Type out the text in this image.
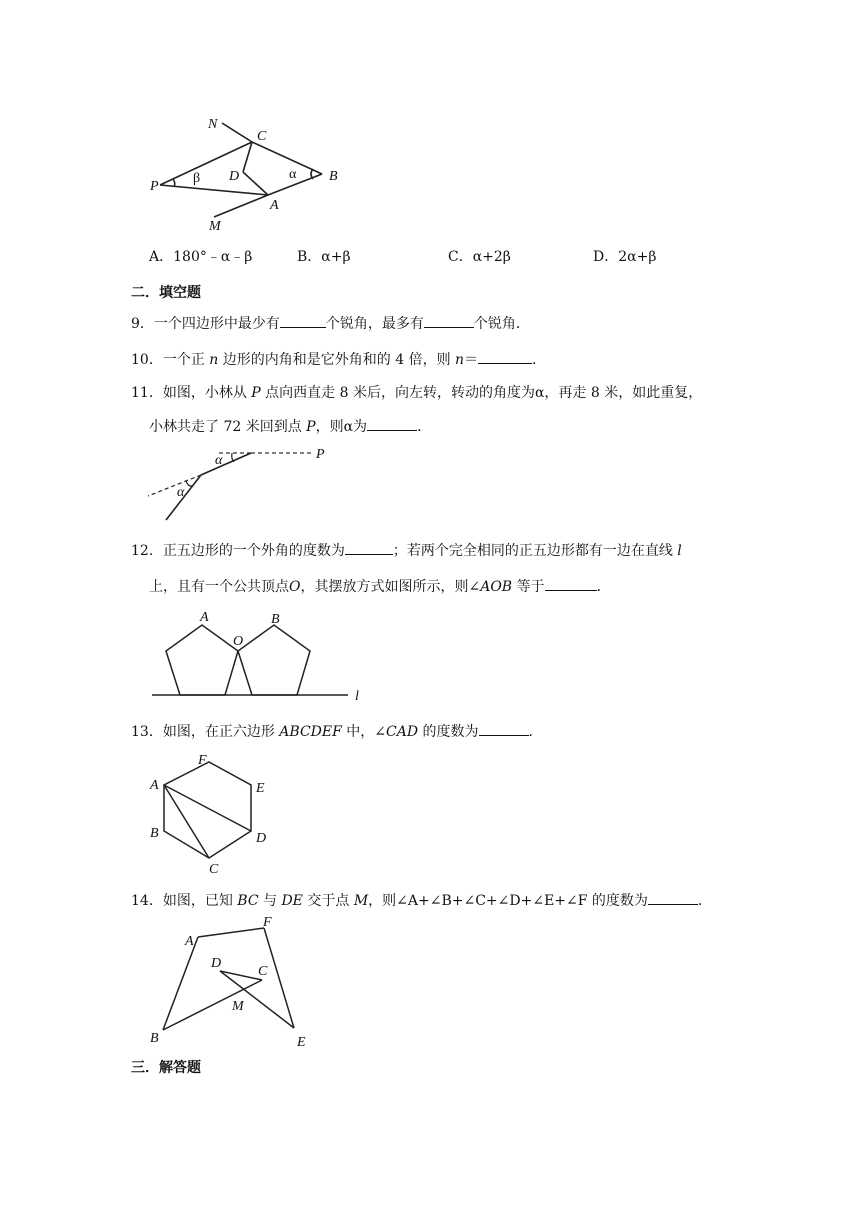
N
C
P
β D	α B
A
M
A．180°﹣α﹣β	B．α+β	C．α+2β	D．2α+β
二．填空题
9．一个四边形中最少有	个锐角，最多有	个锐角．
10．一个正 n 边形的内角和是它外角和的 4 倍，则 n＝	．
11．如图，小林从 P 点向西直走 8 米后，向左转，转动的角度为α，再走 8 米，如此重复，
小林共走了 72 米回到点 P，则α为	．
P
α
α
12．正五边形的一个外角的度数为	；若两个完全相同的正五边形都有一边在直线 l
上，且有一个公共顶点O，其摆放方式如图所示，则∠AOB 等于	．
A
O
B
l
13．如图，在正六边形 ABCDEF 中，∠CAD 的度数为	．
F
A	E
B	D
C
14．如图，已知 BC 与 DE 交于点 M，则∠A+∠B+∠C+∠D+∠E+∠F 的度数为	．
A
F
D
C
M
B	E
三．解答题
